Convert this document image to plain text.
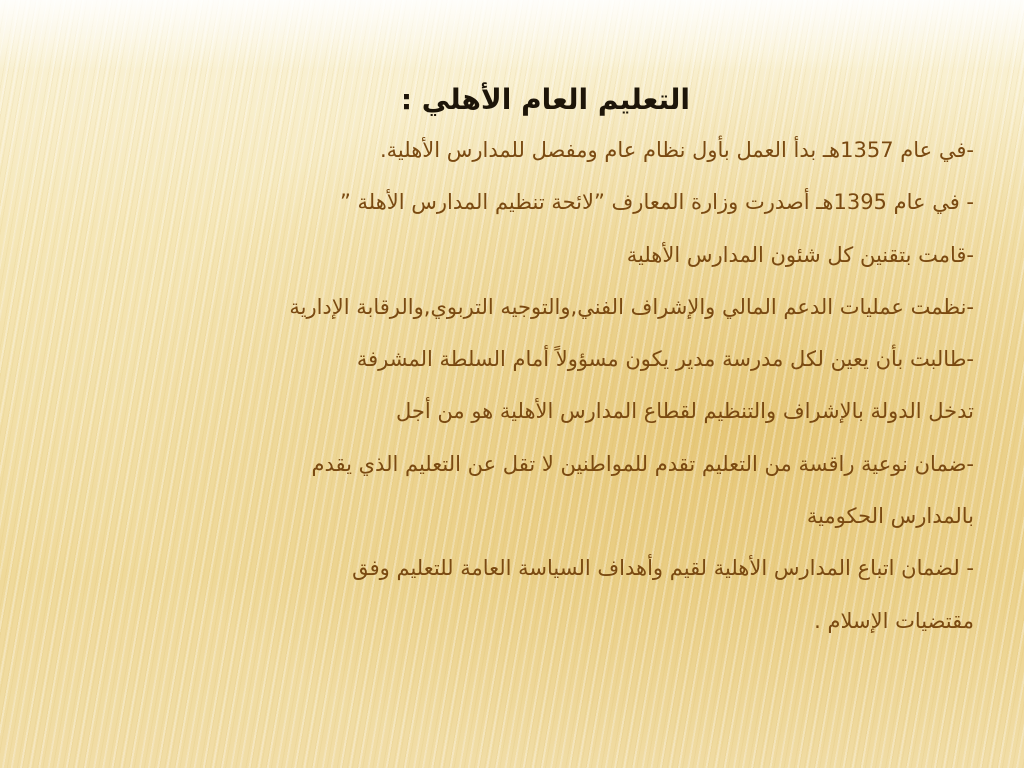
التعليم العام الأهلي :
-في عام 1357هـ بدأ العمل بأول نظام عام ومفصل للمدارس الأهلية.
- في عام 1395هـ أصدرت وزارة المعارف ”لائحة تنظيم المدارس الأهلة ”
-قامت بتقنين كل شئون المدارس الأهلية
-نظمت عمليات الدعم المالي والإشراف الفني,والتوجيه التربوي,والرقابة الإدارية
-طالبت بأن يعين لكل مدرسة مدير يكون مسؤولاً أمام السلطة المشرفة
تدخل الدولة بالإشراف والتنظيم لقطاع المدارس الأهلية هو من أجل
-ضمان نوعية راقسة من التعليم تقدم للمواطنين لا تقل عن التعليم الذي يقدم
بالمدارس الحكومية
- لضمان اتباع المدارس الأهلية لقيم وأهداف السياسة العامة للتعليم وفق
مقتضيات الإسلام .
